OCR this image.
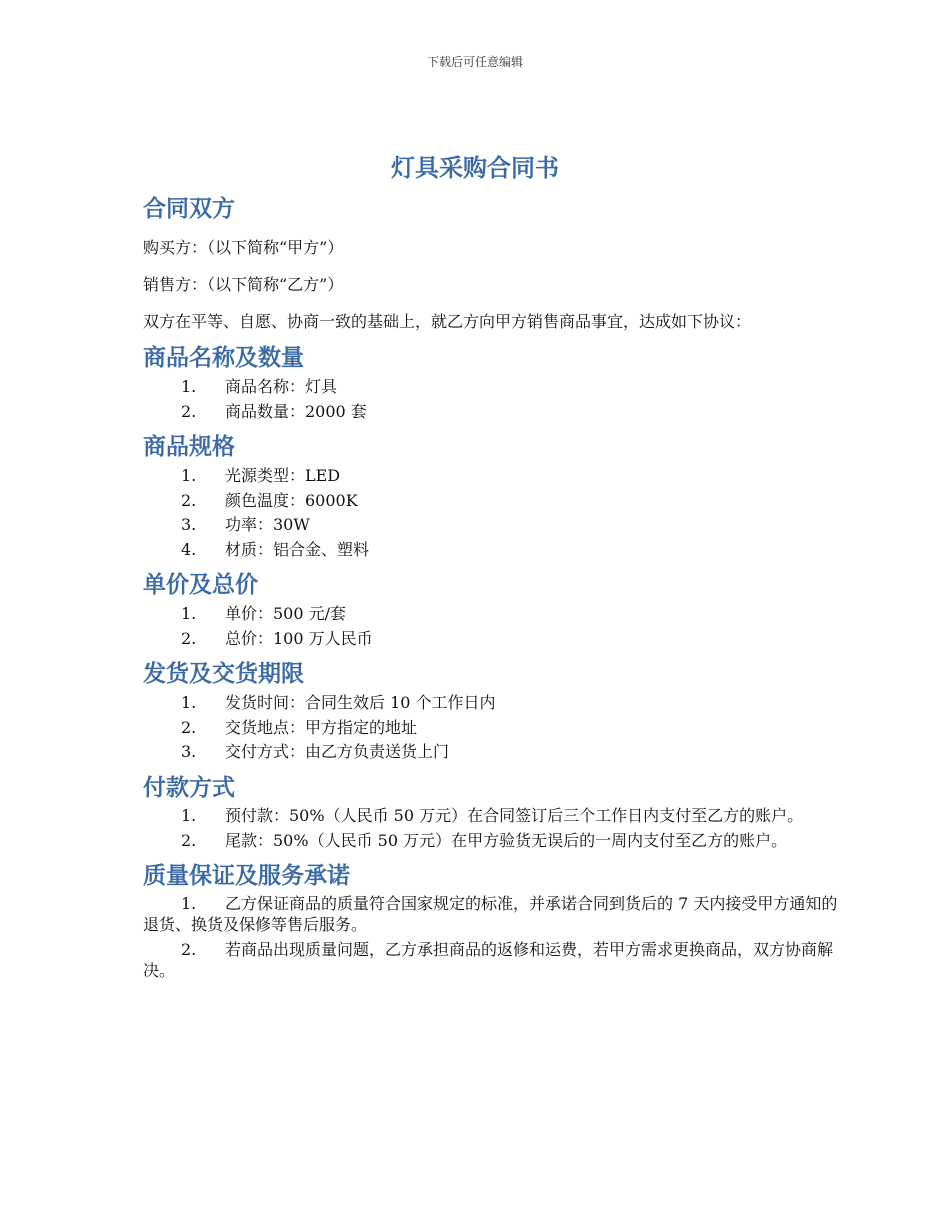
下载后可任意编辑
灯具采购合同书
合同双方

购买方：（以下简称“甲方”）

销售方：（以下简称“乙方”）

双方在平等、自愿、协商一致的基础上，就乙方向甲方销售商品事宜，达成如下协议：

商品名称及数量
1. 商品名称：灯具
2. 商品数量：2000 套
商品规格
1. 光源类型：LED
2. 颜色温度：6000K
3. 功率：30W
4. 材质：铝合金、塑料
单价及总价
1. 单价：500 元/套
2. 总价：100 万人民币
发货及交货期限
1. 发货时间：合同生效后 10 个工作日内
2. 交货地点：甲方指定的地址
3. 交付方式：由乙方负责送货上门
付款方式
1. 预付款：50%（人民币 50 万元）在合同签订后三个工作日内支付至乙方的账户。
2. 尾款：50%（人民币 50 万元）在甲方验货无误后的一周内支付至乙方的账户。
质量保证及服务承诺
1. 乙方保证商品的质量符合国家规定的标准，并承诺合同到货后的 7 天内接受甲方通知的退货、换货及保修等售后服务。
2. 若商品出现质量问题，乙方承担商品的返修和运费，若甲方需求更换商品，双方协商解决。
